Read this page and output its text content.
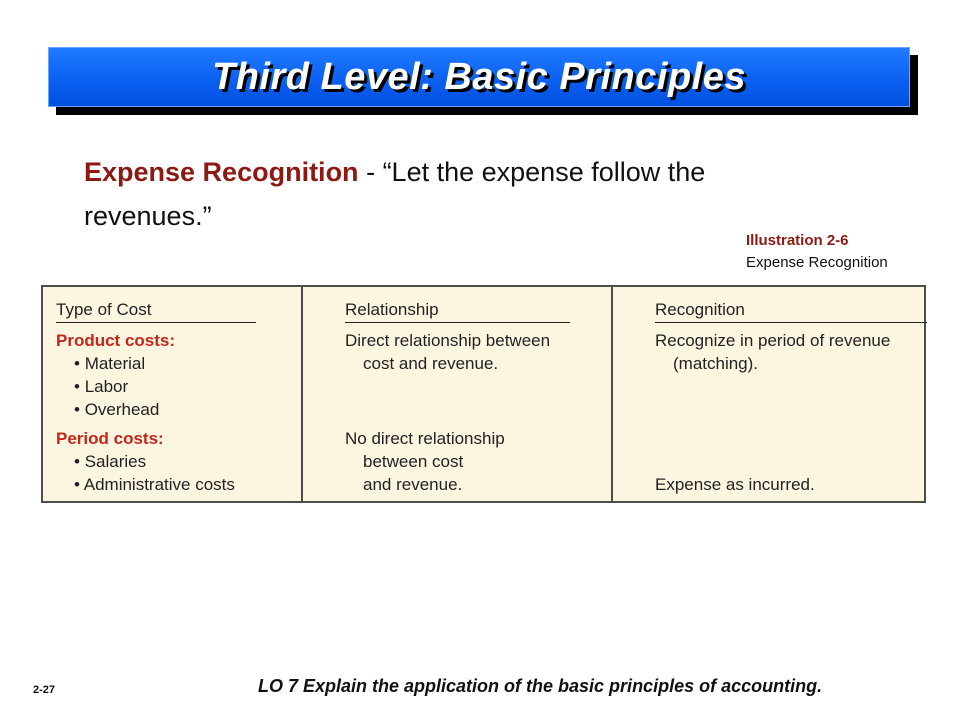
Third Level: Basic Principles
Expense Recognition - “Let the expense follow the
revenues.”
Illustration 2-6
Expense Recognition
Type of Cost
Product costs:
• Material
• Labor
• Overhead
Period costs:
• Salaries
• Administrative costs
Relationship
Direct relationship between
cost and revenue.
No direct relationship
between cost
and revenue.
Recognition
Recognize in period of revenue
(matching).
Expense as incurred.
2-27	LO 7 Explain the application of the basic principles of accounting.
